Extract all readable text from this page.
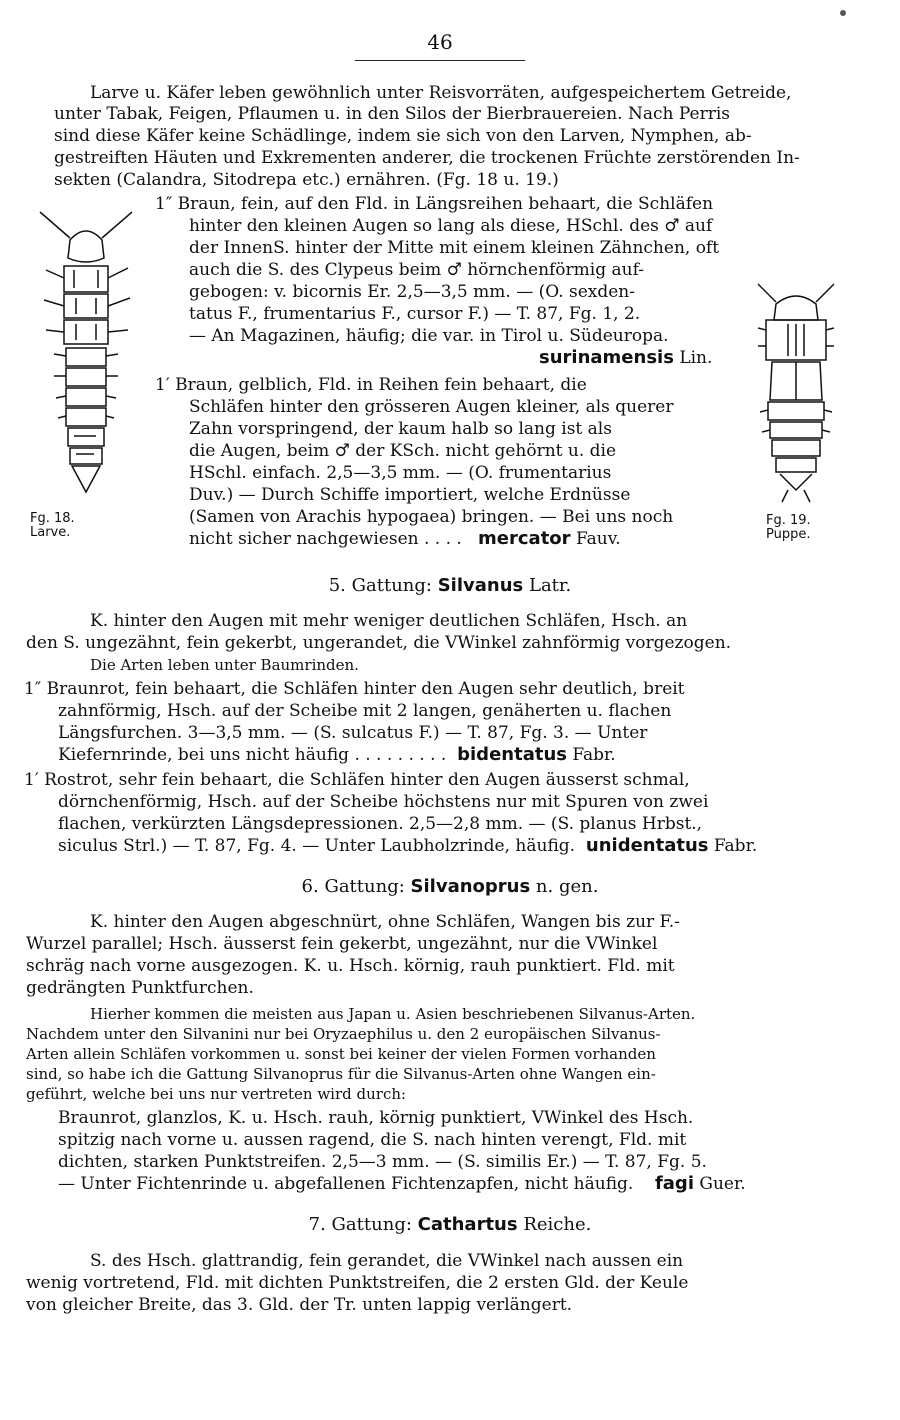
46
Larve u. Käfer leben gewöhnlich unter Reisvorräten, aufgespeichertem Getreide,
unter Tabak, Feigen, Pflaumen u. in den Silos der Bierbrauereien. Nach Perris
sind diese Käfer keine Schädlinge, indem sie sich von den Larven, Nymphen, ab-
gestreiften Häuten und Exkrementen anderer, die trockenen Früchte zerstörenden In-
sekten (Calandra, Sitodrepa etc.) ernähren. (Fg. 18 u. 19.)
Fg. 18.
Larve.
Fg. 19.
Puppe.
1″ Braun, fein, auf den Fld. in Längsreihen behaart, die Schläfen
hinter den kleinen Augen so lang als diese, HSchl. des ♂ auf
der InnenS. hinter der Mitte mit einem kleinen Zähnchen, oft
auch die S. des Clypeus beim ♂ hörnchenförmig auf-
gebogen: v. bicornis Er. 2,5—3,5 mm. — (O. sexden-
tatus F., frumentarius F., cursor F.) — T. 87, Fg. 1, 2.
— An Magazinen, häufig; die var. in Tirol u. Südeuropa.
surinamensis Lin.
1′ Braun, gelblich, Fld. in Reihen fein behaart, die
Schläfen hinter den grösseren Augen kleiner, als querer
Zahn vorspringend, der kaum halb so lang ist als
die Augen, beim ♂ der KSch. nicht gehörnt u. die
HSchl. einfach. 2,5—3,5 mm. — (O. frumentarius
Duv.) — Durch Schiffe importiert, welche Erdnüsse
(Samen von Arachis hypogaea) bringen. — Bei uns noch
nicht sicher nachgewiesen . . . . mercator Fauv.
5. Gattung: Silvanus Latr.
K. hinter den Augen mit mehr weniger deutlichen Schläfen, Hsch. an
den S. ungezähnt, fein gekerbt, ungerandet, die VWinkel zahnförmig vorgezogen.
Die Arten leben unter Baumrinden.
1″ Braunrot, fein behaart, die Schläfen hinter den Augen sehr deutlich, breit
zahnförmig, Hsch. auf der Scheibe mit 2 langen, genäherten u. flachen
Längsfurchen. 3—3,5 mm. — (S. sulcatus F.) — T. 87, Fg. 3. — Unter
Kiefernrinde, bei uns nicht häufig . . . . . . . . . bidentatus Fabr.
1′ Rostrot, sehr fein behaart, die Schläfen hinter den Augen äusserst schmal,
dörnchenförmig, Hsch. auf der Scheibe höchstens nur mit Spuren von zwei
flachen, verkürzten Längsdepressionen. 2,5—2,8 mm. — (S. planus Hrbst.,
siculus Strl.) — T. 87, Fg. 4. — Unter Laubholzrinde, häufig. unidentatus Fabr.
6. Gattung: Silvanoprus n. gen.
K. hinter den Augen abgeschnürt, ohne Schläfen, Wangen bis zur F.-
Wurzel parallel; Hsch. äusserst fein gekerbt, ungezähnt, nur die VWinkel
schräg nach vorne ausgezogen. K. u. Hsch. körnig, rauh punktiert. Fld. mit
gedrängten Punktfurchen.
Hierher kommen die meisten aus Japan u. Asien beschriebenen Silvanus-Arten.
Nachdem unter den Silvanini nur bei Oryzaephilus u. den 2 europäischen Silvanus-
Arten allein Schläfen vorkommen u. sonst bei keiner der vielen Formen vorhanden
sind, so habe ich die Gattung Silvanoprus für die Silvanus-Arten ohne Wangen ein-
geführt, welche bei uns nur vertreten wird durch:
Braunrot, glanzlos, K. u. Hsch. rauh, körnig punktiert, VWinkel des Hsch.
spitzig nach vorne u. aussen ragend, die S. nach hinten verengt, Fld. mit
dichten, starken Punktstreifen. 2,5—3 mm. — (S. similis Er.) — T. 87, Fg. 5.
— Unter Fichtenrinde u. abgefallenen Fichtenzapfen, nicht häufig. fagi Guer.
7. Gattung: Cathartus Reiche.
S. des Hsch. glattrandig, fein gerandet, die VWinkel nach aussen ein
wenig vortretend, Fld. mit dichten Punktstreifen, die 2 ersten Gld. der Keule
von gleicher Breite, das 3. Gld. der Tr. unten lappig verlängert.
